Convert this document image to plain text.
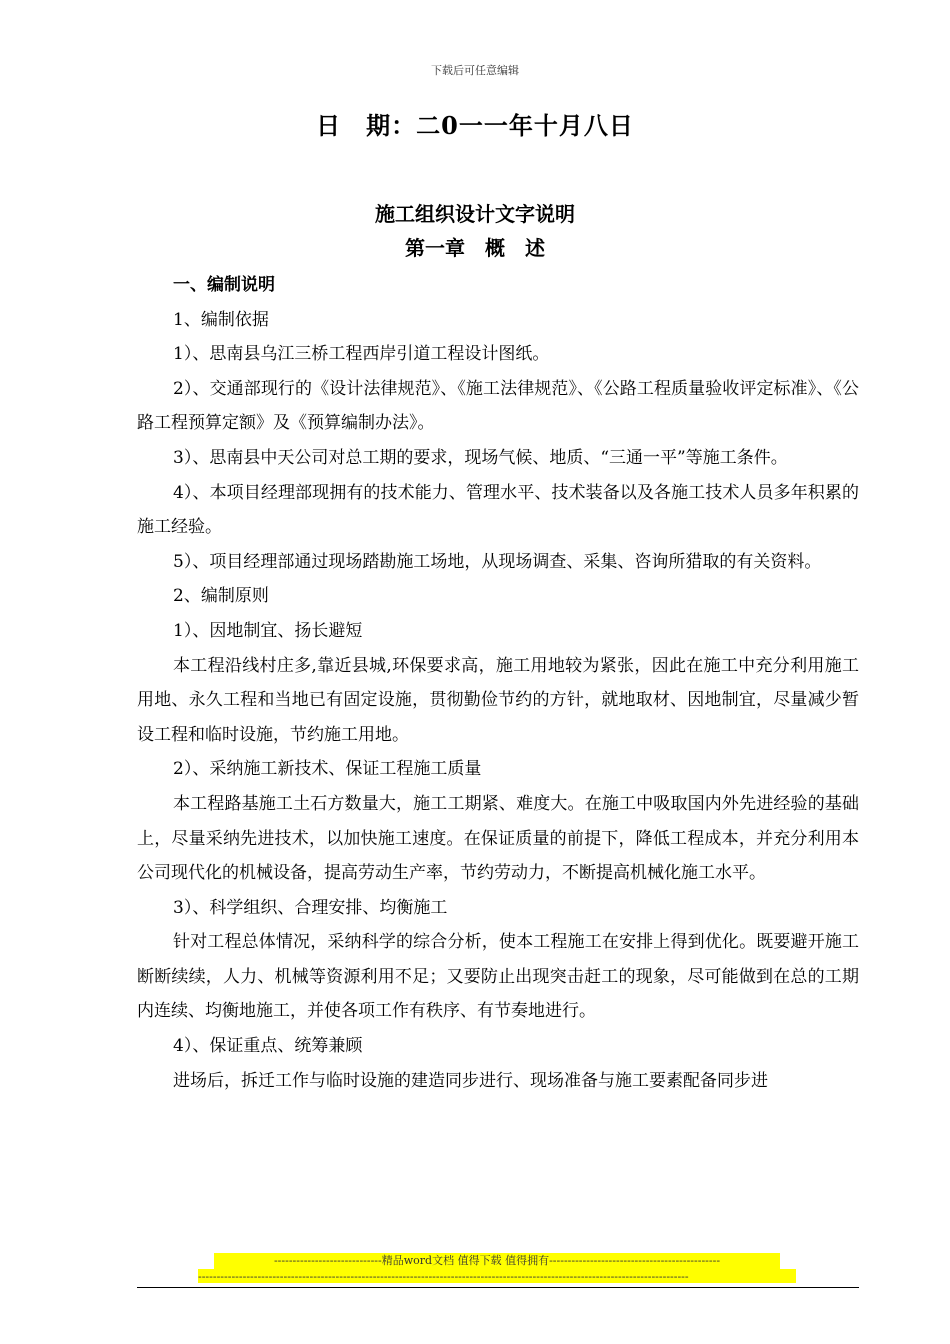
下载后可任意编辑
日　期：二0一一年十月八日
施工组织设计文字说明
第一章　概　述

一、编制说明

1、编制依据

1）、思南县乌江三桥工程西岸引道工程设计图纸。

2）、交通部现行的《设计法律规范》、《施工法律规范》、《公路工程质量验收评定标准》、《公路工程预算定额》及《预算编制办法》。

3）、思南县中天公司对总工期的要求，现场气候、地质、“三通一平”等施工条件。

4）、本项目经理部现拥有的技术能力、管理水平、技术装备以及各施工技术人员多年积累的施工经验。

5）、项目经理部通过现场踏勘施工场地，从现场调查、采集、咨询所猎取的有关资料。

2、编制原则

1）、因地制宜、扬长避短

本工程沿线村庄多,靠近县城,环保要求高，施工用地较为紧张，因此在施工中充分利用施工用地、永久工程和当地已有固定设施，贯彻勤俭节约的方针，就地取材、因地制宜，尽量减少暂设工程和临时设施，节约施工用地。

2）、采纳施工新技术、保证工程施工质量

本工程路基施工土石方数量大，施工工期紧、难度大。在施工中吸取国内外先进经验的基础上，尽量采纳先进技术，以加快施工速度。在保证质量的前提下，降低工程成本，并充分利用本公司现代化的机械设备，提高劳动生产率，节约劳动力，不断提高机械化施工水平。

3）、科学组织、合理安排、均衡施工

针对工程总体情况，采纳科学的综合分析，使本工程施工在安排上得到优化。既要避开施工断断续续，人力、机械等资源利用不足；又要防止出现突击赶工的现象，尽可能做到在总的工期内连续、均衡地施工，并使各项工作有秩序、有节奏地进行。

4）、保证重点、统筹兼顾

进场后，拆迁工作与临时设施的建造同步进行、现场准备与施工要素配备同步进

-----------------------------精品word文档 值得下载 值得拥有----------------------------------------------
------------------------------------------------------------------------------------------------------------------------------------
